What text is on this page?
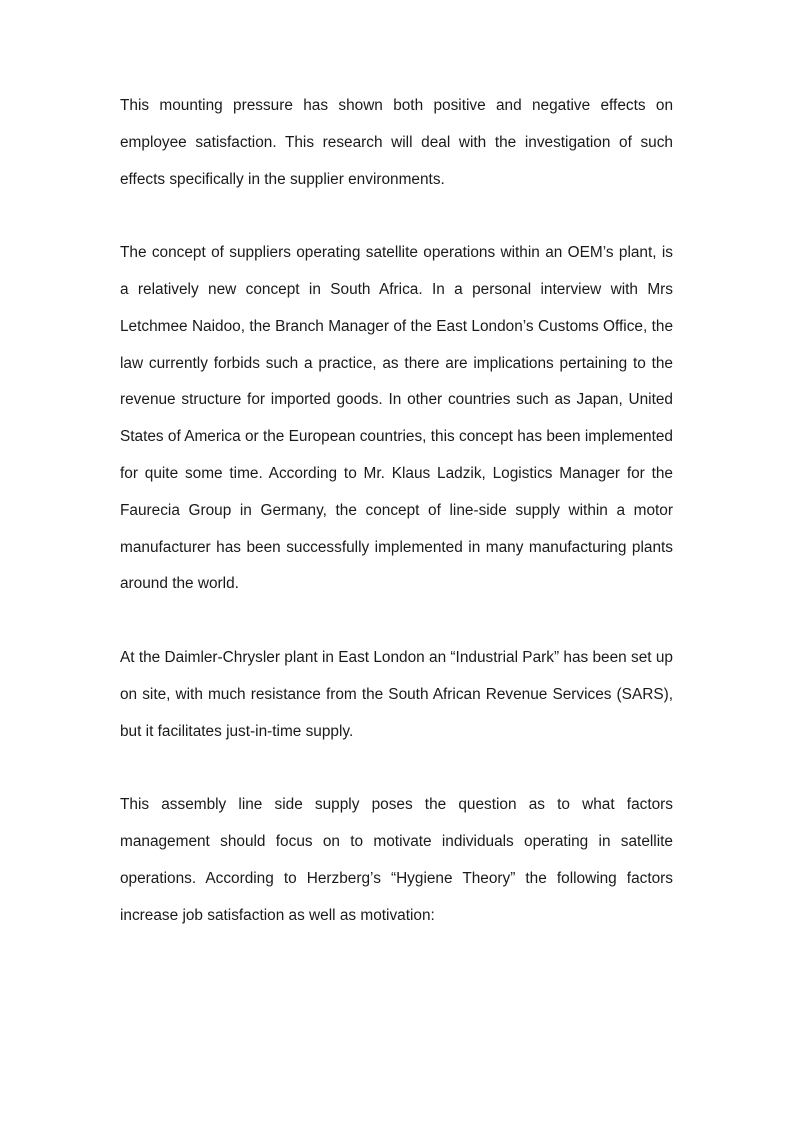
This mounting pressure has shown both positive and negative effects on employee satisfaction. This research will deal with the investigation of such effects specifically in the supplier environments.

The concept of suppliers operating satellite operations within an OEM’s plant, is a relatively new concept in South Africa. In a personal interview with Mrs Letchmee Naidoo, the Branch Manager of the East London’s Customs Office, the law currently forbids such a practice, as there are implications pertaining to the revenue structure for imported goods. In other countries such as Japan, United States of America or the European countries, this concept has been implemented for quite some time. According to Mr. Klaus Ladzik, Logistics Manager for the Faurecia Group in Germany, the concept of line-side supply within a motor manufacturer has been successfully implemented in many manufacturing plants around the world.

At the Daimler-Chrysler plant in East London an “Industrial Park” has been set up on site, with much resistance from the South African Revenue Services (SARS), but it facilitates just-in-time supply.

This assembly line side supply poses the question as to what factors management should focus on to motivate individuals operating in satellite operations. According to Herzberg’s “Hygiene Theory” the following factors increase job satisfaction as well as motivation:
